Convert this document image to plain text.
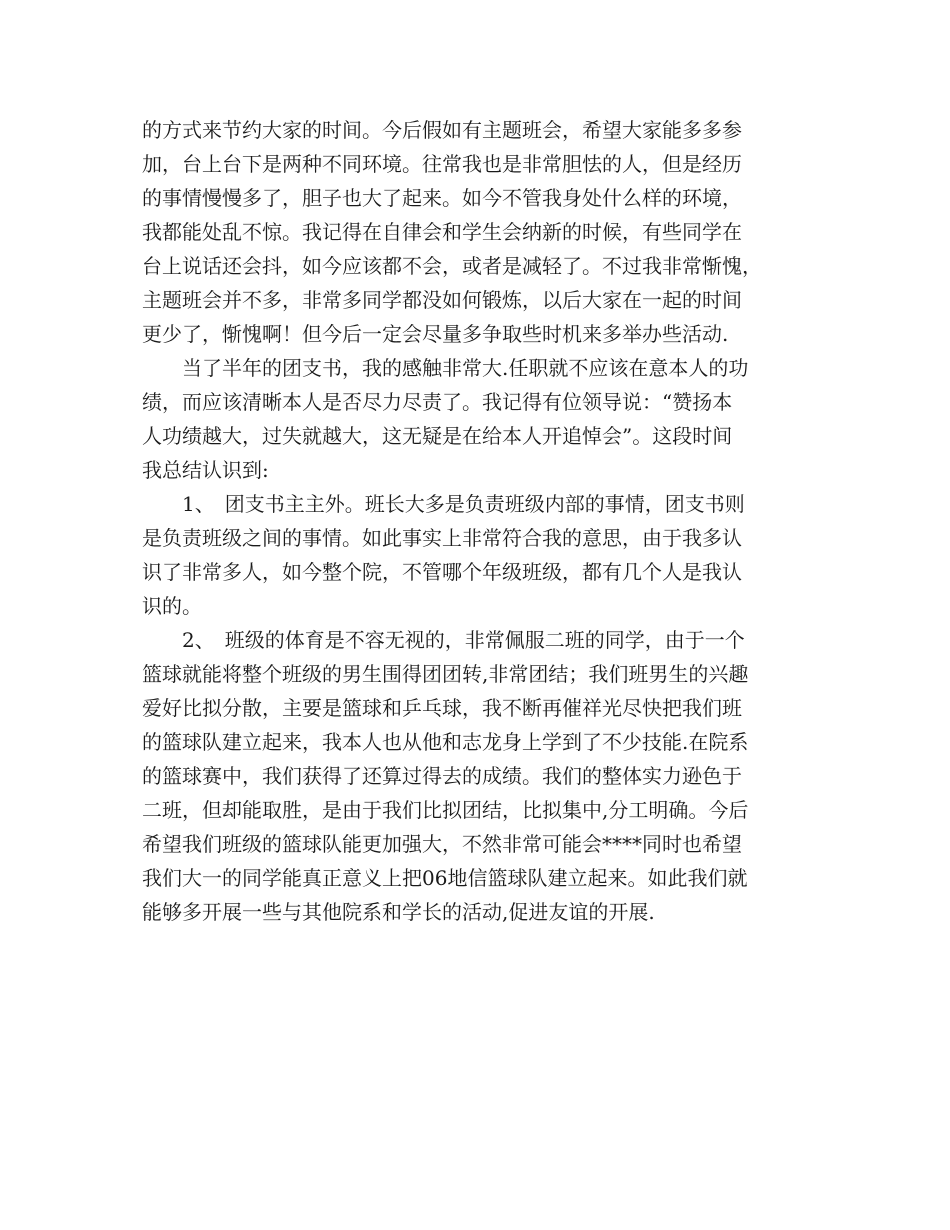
的方式来节约大家的时间。今后假如有主题班会，希望大家能多多参
加，台上台下是两种不同环境。往常我也是非常胆怯的人，但是经历
的事情慢慢多了，胆子也大了起来。如今不管我身处什么样的环境，
我都能处乱不惊。我记得在自律会和学生会纳新的时候，有些同学在
台上说话还会抖，如今应该都不会，或者是减轻了。不过我非常惭愧，
主题班会并不多，非常多同学都没如何锻炼，以后大家在一起的时间
更少了，惭愧啊！但今后一定会尽量多争取些时机来多举办些活动.
　　当了半年的团支书，我的感触非常大.任职就不应该在意本人的功
绩，而应该清晰本人是否尽力尽责了。我记得有位领导说：“赞扬本
人功绩越大，过失就越大，这无疑是在给本人开追悼会”。这段时间
我总结认识到:
　　1、　团支书主主外。班长大多是负责班级内部的事情，团支书则
是负责班级之间的事情。如此事实上非常符合我的意思，由于我多认
识了非常多人，如今整个院，不管哪个年级班级，都有几个人是我认
识的。
　　2、　班级的体育是不容无视的，非常佩服二班的同学，由于一个
篮球就能将整个班级的男生围得团团转,非常团结；我们班男生的兴趣
爱好比拟分散，主要是篮球和乒乓球，我不断再催祥光尽快把我们班
的篮球队建立起来，我本人也从他和志龙身上学到了不少技能.在院系
的篮球赛中，我们获得了还算过得去的成绩。我们的整体实力逊色于
二班，但却能取胜，是由于我们比拟团结，比拟集中,分工明确。今后
希望我们班级的篮球队能更加强大，不然非常可能会****同时也希望
我们大一的同学能真正意义上把06地信篮球队建立起来。如此我们就
能够多开展一些与其他院系和学长的活动,促进友谊的开展.
